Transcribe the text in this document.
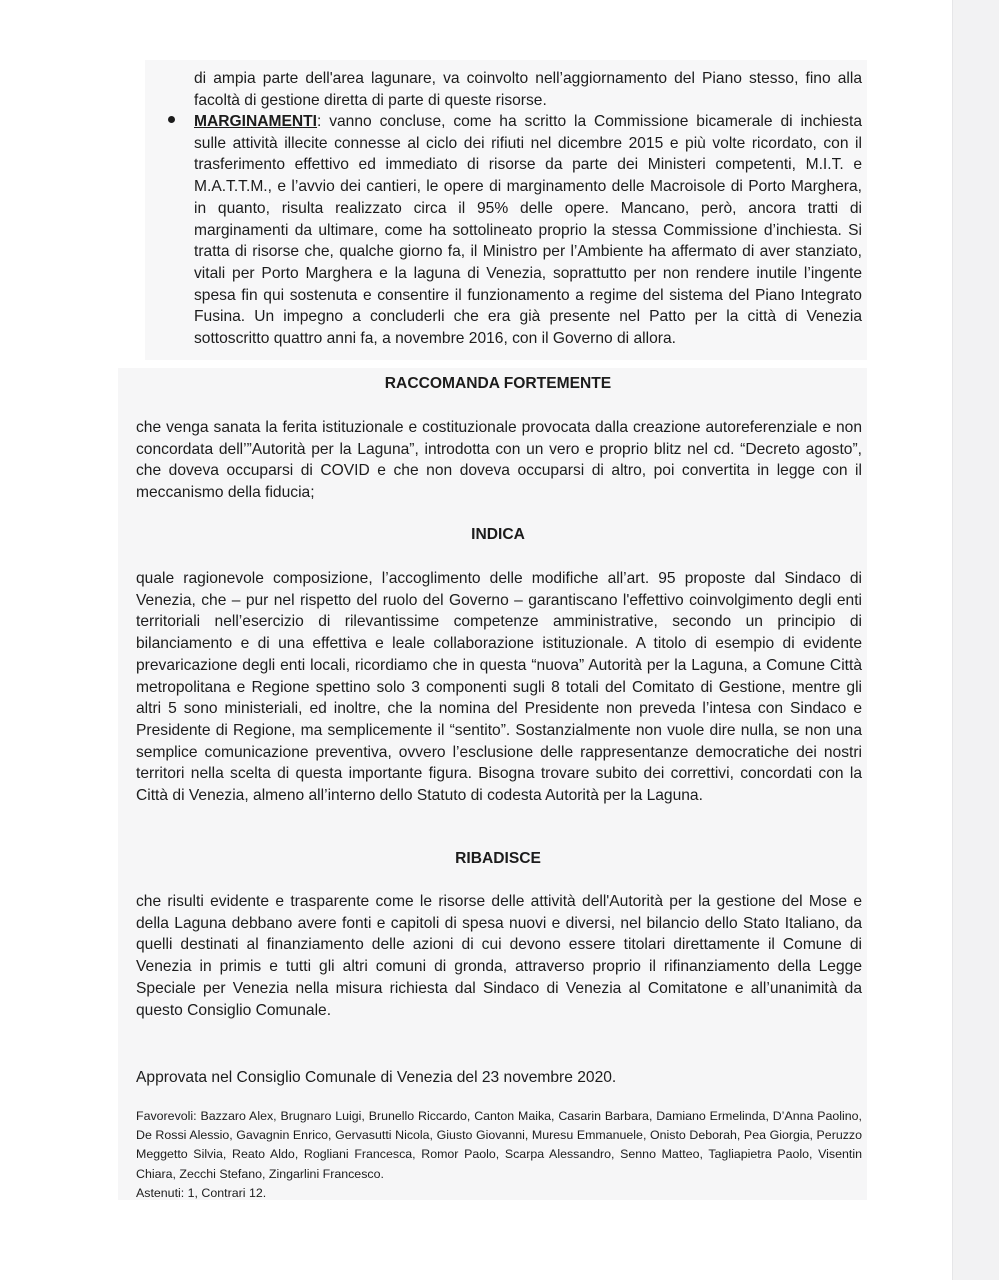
di ampia parte dell'area lagunare, va coinvolto nell’aggiornamento del Piano stesso, fino alla facoltà di gestione diretta di parte di queste risorse.

MARGINAMENTI: vanno concluse, come ha scritto la Commissione bicamerale di inchiesta sulle attività illecite connesse al ciclo dei rifiuti nel dicembre 2015 e più volte ricordato, con il trasferimento effettivo ed immediato di risorse da parte dei Ministeri competenti, M.I.T. e M.A.T.T.M., e l’avvio dei cantieri, le opere di marginamento delle Macroisole di Porto Marghera, in quanto, risulta realizzato circa il 95% delle opere. Mancano, però, ancora tratti di marginamenti da ultimare, come ha sottolineato proprio la stessa Commissione d’inchiesta. Si tratta di risorse che, qualche giorno fa, il Ministro per l’Ambiente ha affermato di aver stanziato, vitali per Porto Marghera e la laguna di Venezia, soprattutto per non rendere inutile l’ingente spesa fin qui sostenuta e consentire il funzionamento a regime del sistema del Piano Integrato Fusina. Un impegno a concluderli che era già presente nel Patto per la città di Venezia sottoscritto quattro anni fa, a novembre 2016, con il Governo di allora.

RACCOMANDA FORTEMENTE

che venga sanata la ferita istituzionale e costituzionale provocata dalla creazione autoreferenziale e non concordata dell’”Autorità per la Laguna”, introdotta con un vero e proprio blitz nel cd. “Decreto agosto”, che doveva occuparsi di COVID e che non doveva occuparsi di altro, poi convertita in legge con il meccanismo della fiducia;

INDICA

quale ragionevole composizione, l’accoglimento delle modifiche all’art. 95 proposte dal Sindaco di Venezia, che – pur nel rispetto del ruolo del Governo – garantiscano l'effettivo coinvolgimento degli enti territoriali nell’esercizio di rilevantissime competenze amministrative, secondo un principio di bilanciamento e di una effettiva e leale collaborazione istituzionale. A titolo di esempio di evidente prevaricazione degli enti locali, ricordiamo che in questa “nuova” Autorità per la Laguna, a Comune Città metropolitana e Regione spettino solo 3 componenti sugli 8 totali del Comitato di Gestione, mentre gli altri 5 sono ministeriali, ed inoltre, che la nomina del Presidente non preveda l’intesa con Sindaco e Presidente di Regione, ma semplicemente il “sentito”. Sostanzialmente non vuole dire nulla, se non una semplice comunicazione preventiva, ovvero l’esclusione delle rappresentanze democratiche dei nostri territori nella scelta di questa importante figura. Bisogna trovare subito dei correttivi, concordati con la Città di Venezia, almeno all’interno dello Statuto di codesta Autorità per la Laguna.

RIBADISCE

che risulti evidente e trasparente come le risorse delle attività dell'Autorità per la gestione del Mose e della Laguna debbano avere fonti e capitoli di spesa nuovi e diversi, nel bilancio dello Stato Italiano, da quelli destinati al finanziamento delle azioni di cui devono essere titolari direttamente il Comune di Venezia in primis e tutti gli altri comuni di gronda, attraverso proprio il rifinanziamento della Legge Speciale per Venezia nella misura richiesta dal Sindaco di Venezia al Comitatone e all’unanimità da questo Consiglio Comunale.

Approvata nel Consiglio Comunale di Venezia del 23 novembre 2020.

Favorevoli: Bazzaro Alex, Brugnaro Luigi, Brunello Riccardo, Canton Maika, Casarin Barbara, Damiano Ermelinda, D’Anna Paolino, De Rossi Alessio, Gavagnin Enrico, Gervasutti Nicola, Giusto Giovanni, Muresu Emmanuele, Onisto Deborah, Pea Giorgia, Peruzzo Meggetto Silvia, Reato Aldo, Rogliani Francesca, Romor Paolo, Scarpa Alessandro, Senno Matteo, Tagliapietra Paolo, Visentin Chiara, Zecchi Stefano, Zingarlini Francesco.

Astenuti: 1, Contrari 12.
